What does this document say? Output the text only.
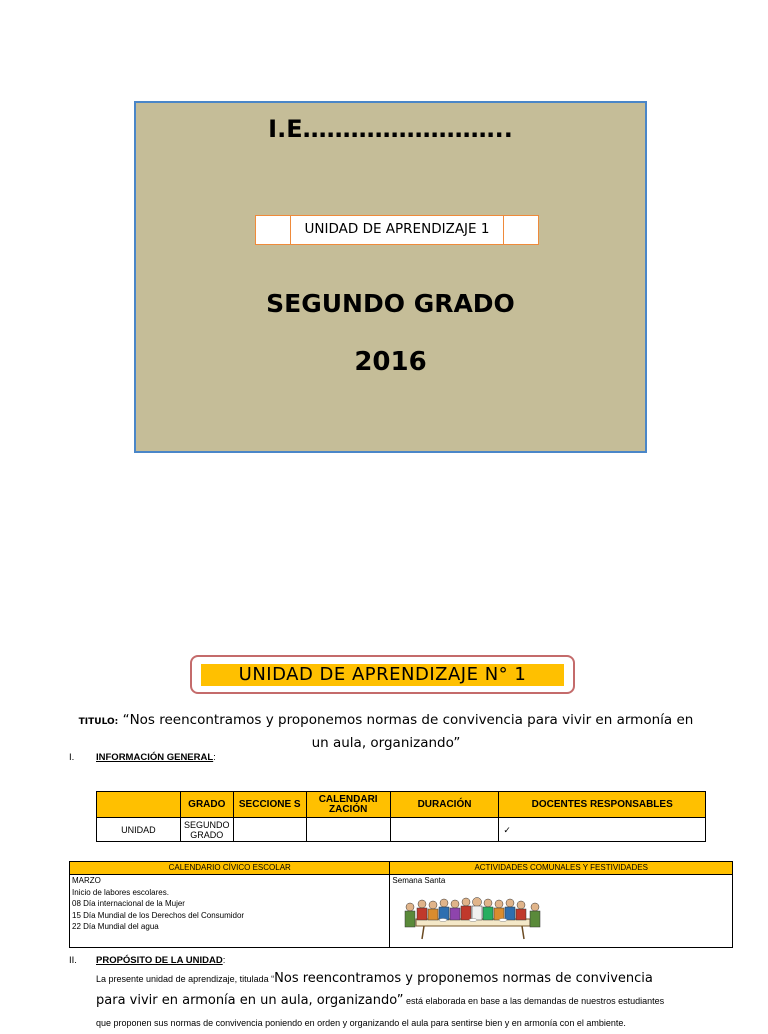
I.E……………………..
UNIDAD DE APRENDIZAJE 1
SEGUNDO GRADO
2016
UNIDAD DE APRENDIZAJE N° 1
TITULO: “Nos reencontramos y proponemos normas de convivencia para vivir en armonía en
un aula, organizando”
I. INFORMACIÓN GENERAL:
	GRADO	SECCIONE S	CALENDARI ZACIÓN	DURACIÓN	DOCENTES RESPONSABLES
UNIDAD	SEGUNDO GRADO				✓
CALENDARIO CÍVICO ESCOLAR	ACTIVIDADES COMUNALES Y FESTIVIDADES

MARZO
Inicio de labores escolares.
08 Día internacional de la Mujer
15 Día Mundial de los Derechos del Consumidor
22 Día Mundial del agua	Semana Santa
II. PROPÓSITO DE LA UNIDAD:
La presente unidad de aprendizaje, titulada “Nos reencontramos y proponemos normas de convivencia
para vivir en armonía en un aula, organizando” está elaborada en base a las demandas de nuestros estudiantes
que proponen sus normas de convivencia poniendo en orden y organizando el aula para sentirse bien y en armonía con el ambiente.
